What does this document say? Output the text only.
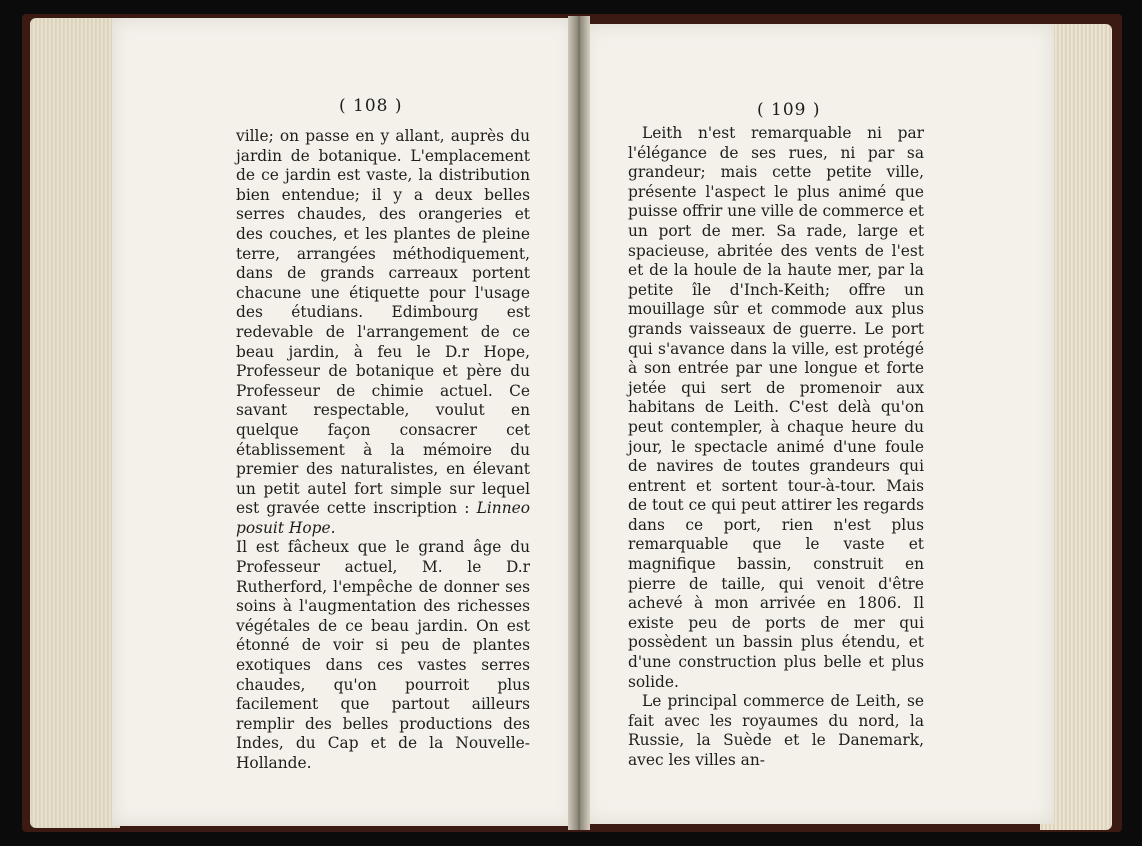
( 108 )	( 109 )

ville; on passe en y allant, auprès du jardin de botanique. L'emplacement de ce jardin est vaste, la distribution bien entendue; il y a deux belles serres chaudes, des orangeries et des couches, et les plantes de pleine terre, arrangées méthodiquement, dans de grands carreaux portent chacune une étiquette pour l'usage des étudians. Edimbourg est redevable de l'arrangement de ce beau jardin, à feu le D.r Hope, Professeur de botanique et père du Professeur de chimie actuel. Ce savant respectable, voulut en quelque façon consacrer cet établissement à la mémoire du premier des naturalistes, en élevant un petit autel fort simple sur lequel est gravée cette inscription : Linneo posuit Hope.

Il est fâcheux que le grand âge du Professeur actuel, M. le D.r Rutherford, l'empêche de donner ses soins à l'augmentation des richesses végétales de ce beau jardin. On est étonné de voir si peu de plantes exotiques dans ces vastes serres chaudes, qu'on pourroit plus facilement que partout ailleurs remplir des belles productions des Indes, du Cap et de la Nouvelle-Hollande.

Leith n'est remarquable ni par l'élégance de ses rues, ni par sa grandeur; mais cette petite ville, présente l'aspect le plus animé que puisse offrir une ville de commerce et un port de mer. Sa rade, large et spacieuse, abritée des vents de l'est et de la houle de la haute mer, par la petite île d'Inch-Keith; offre un mouillage sûr et commode aux plus grands vaisseaux de guerre. Le port qui s'avance dans la ville, est protégé à son entrée par une longue et forte jetée qui sert de promenoir aux habitans de Leith. C'est delà qu'on peut contempler, à chaque heure du jour, le spectacle animé d'une foule de navires de toutes grandeurs qui entrent et sortent tour-à-tour. Mais de tout ce qui peut attirer les regards dans ce port, rien n'est plus remarquable que le vaste et magnifique bassin, construit en pierre de taille, qui venoit d'être achevé à mon arrivée en 1806. Il existe peu de ports de mer qui possèdent un bassin plus étendu, et d'une construction plus belle et plus solide.

Le principal commerce de Leith, se fait avec les royaumes du nord, la Russie, la Suède et le Danemark, avec les villes an-
